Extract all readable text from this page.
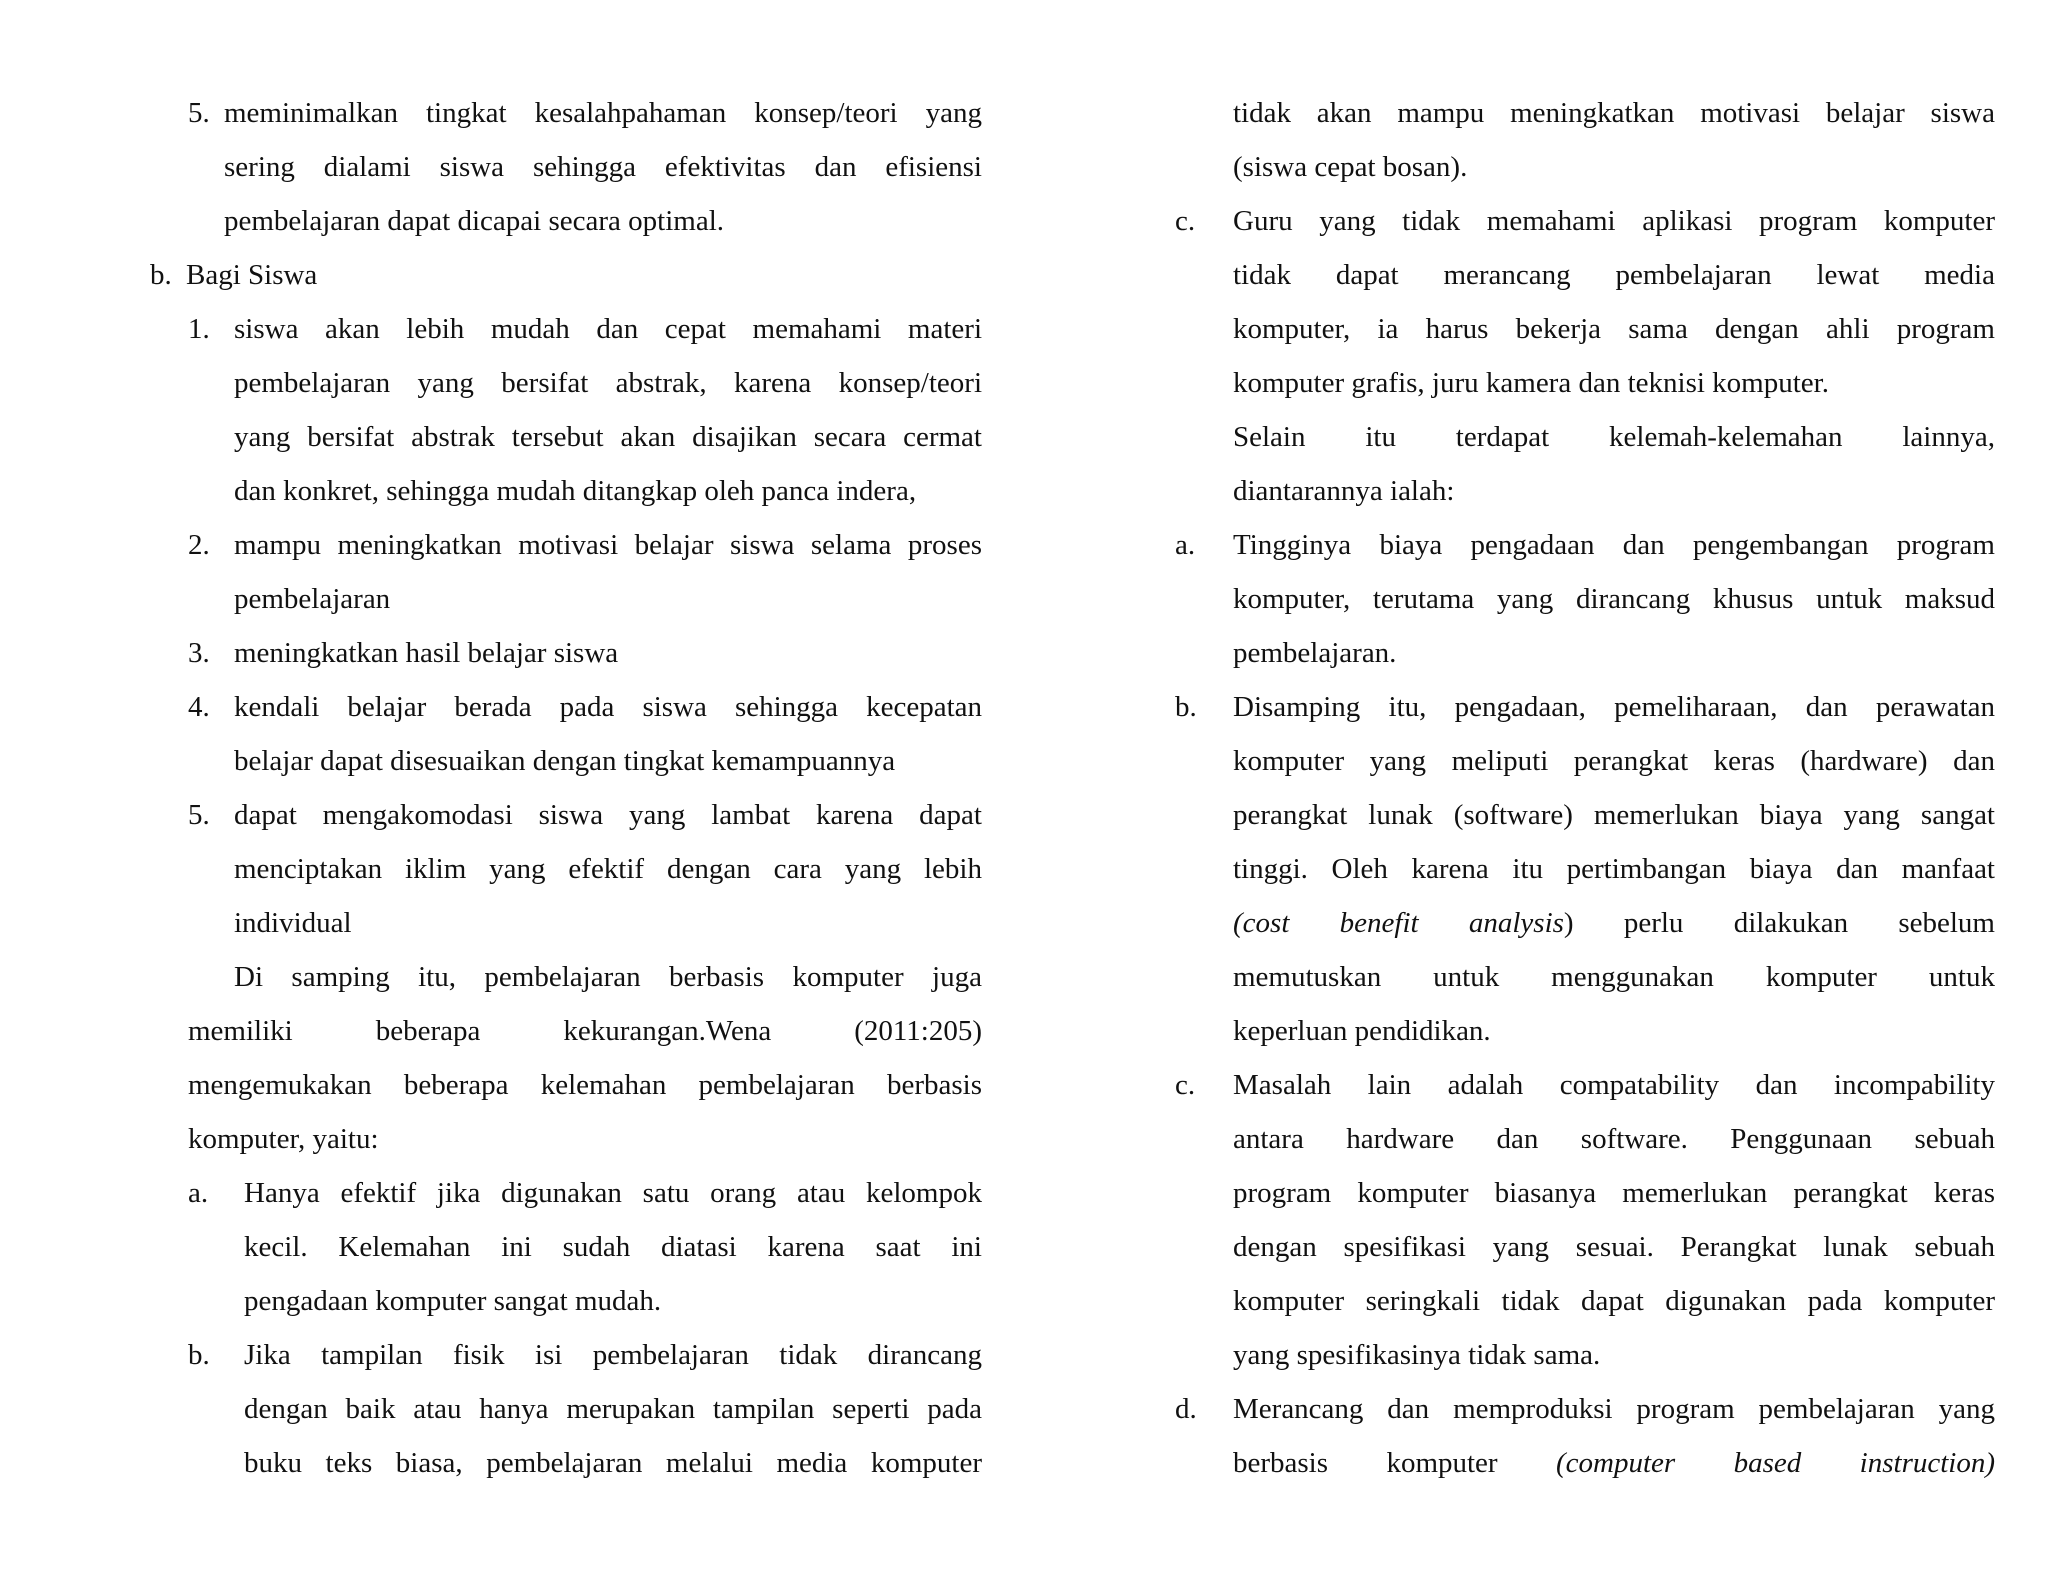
5. meminimalkan tingkat kesalahpahaman konsep/teori yang
sering dialami siswa sehingga efektivitas dan efisiensi
pembelajaran dapat dicapai secara optimal.
b. Bagi Siswa
1. siswa akan lebih mudah dan cepat memahami materi
pembelajaran yang bersifat abstrak, karena konsep/teori
yang bersifat abstrak tersebut akan disajikan secara cermat
dan konkret, sehingga mudah ditangkap oleh panca indera,
2. mampu meningkatkan motivasi belajar siswa selama proses
pembelajaran
3. meningkatkan hasil belajar siswa
4. kendali belajar berada pada siswa sehingga kecepatan
belajar dapat disesuaikan dengan tingkat kemampuannya
5. dapat mengakomodasi siswa yang lambat karena dapat
menciptakan iklim yang efektif dengan cara yang lebih
individual
Di samping itu, pembelajaran berbasis komputer juga
memiliki beberapa kekurangan.Wena (2011:205)
mengemukakan beberapa kelemahan pembelajaran berbasis
komputer, yaitu:
a. Hanya efektif jika digunakan satu orang atau kelompok
kecil. Kelemahan ini sudah diatasi karena saat ini
pengadaan komputer sangat mudah.
b. Jika tampilan fisik isi pembelajaran tidak dirancang
dengan baik atau hanya merupakan tampilan seperti pada
buku teks biasa, pembelajaran melalui media komputer
tidak akan mampu meningkatkan motivasi belajar siswa
(siswa cepat bosan).
c. Guru yang tidak memahami aplikasi program komputer
tidak dapat merancang pembelajaran lewat media
komputer, ia harus bekerja sama dengan ahli program
komputer grafis, juru kamera dan teknisi komputer.
Selain itu terdapat kelemah-kelemahan lainnya,
diantarannya ialah:
a. Tingginya biaya pengadaan dan pengembangan program
komputer, terutama yang dirancang khusus untuk maksud
pembelajaran.
b. Disamping itu, pengadaan, pemeliharaan, dan perawatan
komputer yang meliputi perangkat keras (hardware) dan
perangkat lunak (software) memerlukan biaya yang sangat
tinggi. Oleh karena itu pertimbangan biaya dan manfaat
(cost benefit analysis) perlu dilakukan sebelum
memutuskan untuk menggunakan komputer untuk
keperluan pendidikan.
c. Masalah lain adalah compatability dan incompability
antara hardware dan software. Penggunaan sebuah
program komputer biasanya memerlukan perangkat keras
dengan spesifikasi yang sesuai. Perangkat lunak sebuah
komputer seringkali tidak dapat digunakan pada komputer
yang spesifikasinya tidak sama.
d. Merancang dan memproduksi program pembelajaran yang
berbasis komputer (computer based instruction)
